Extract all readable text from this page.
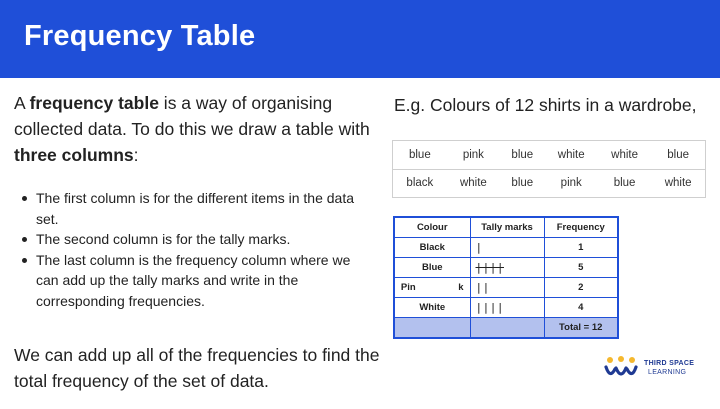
Frequency Table

A frequency table is a way of organising collected data. To do this we draw a table with three columns:

The first column is for the different items in the data set.
The second column is for the tally marks.
The last column is the frequency column where we can add up the tally marks and write in the corresponding frequencies.

We can add up all of the frequencies to find the total frequency of the set of data.

E.g. Colours of 12 shirts in a wardrobe,
blue	pink	blue	white	white	blue
black	white	blue	pink	blue	white
Colour	Tally marks	Frequency
Black	|	1
Blue	||||	5
Pin k	||	2
White	||||	4
		Total = 12
THIRD SPACE
LEARNING
